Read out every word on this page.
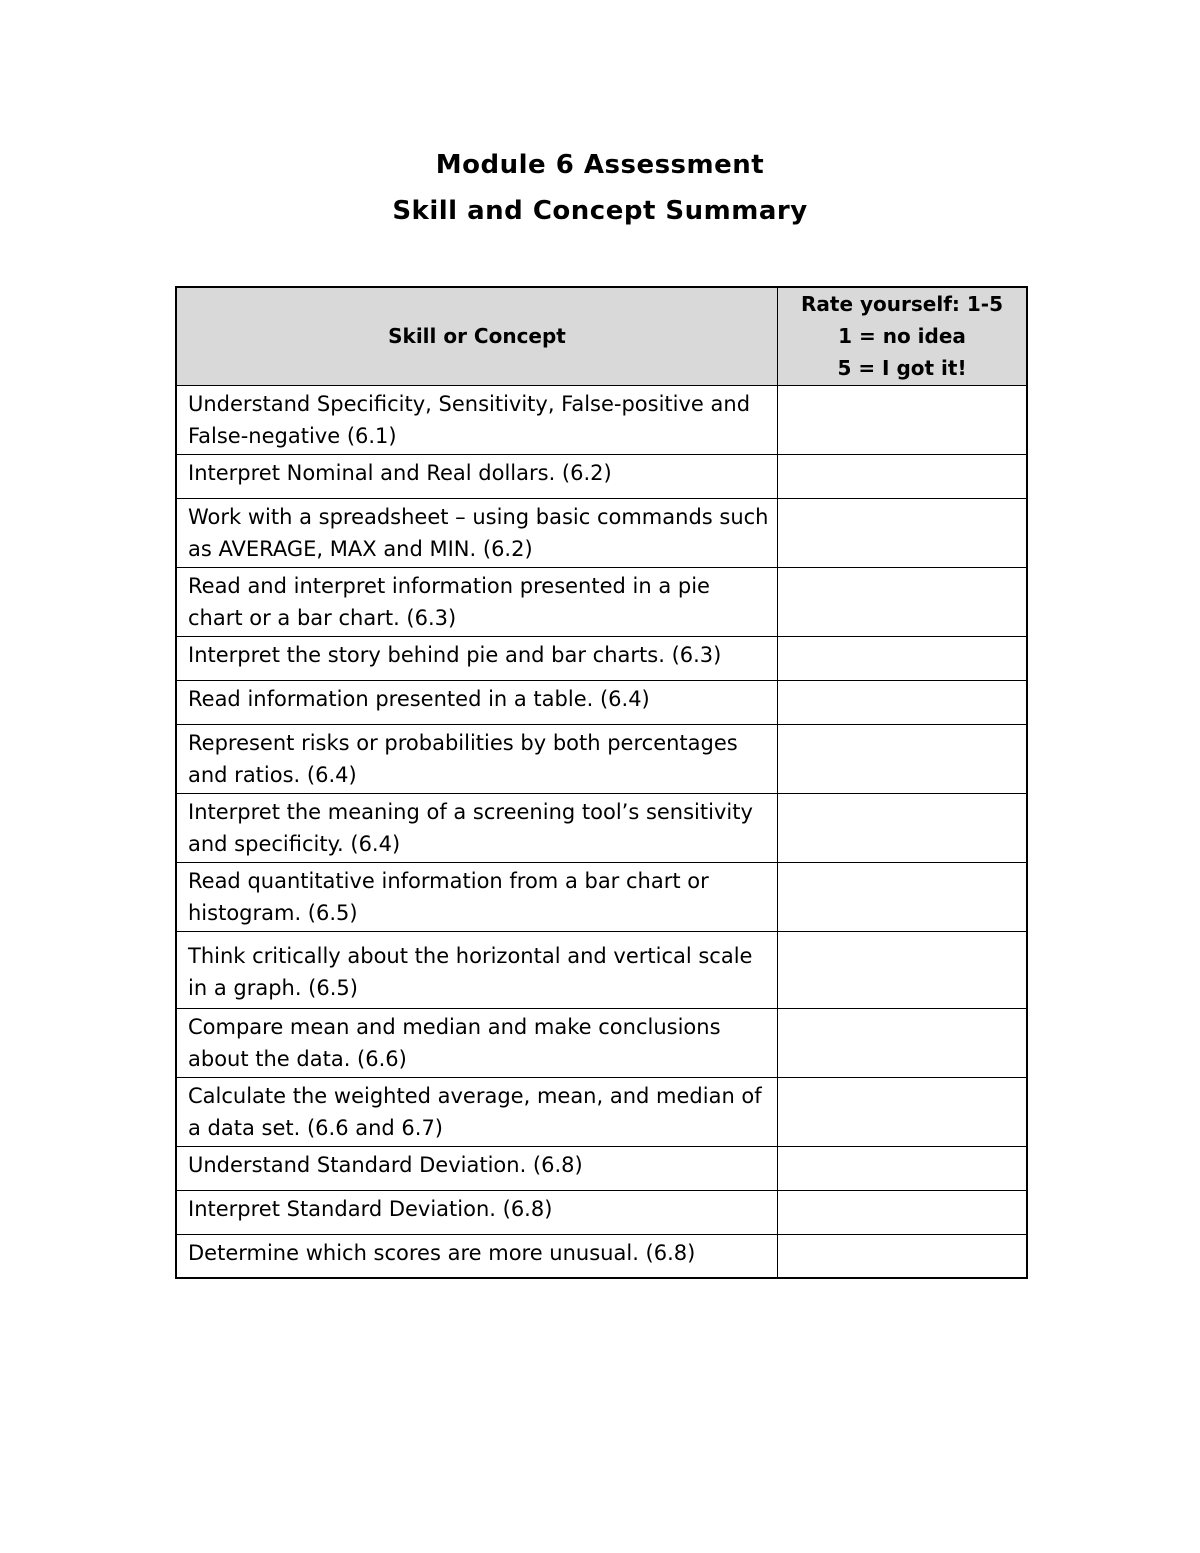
Module 6 Assessment
Skill and Concept Summary
Skill or Concept	Rate yourself: 1-5
1 = no idea
5 = I got it!

Understand Specificity, Sensitivity, False-positive and False-negative (6.1)	
Interpret Nominal and Real dollars. (6.2)	
Work with a spreadsheet – using basic commands such as AVERAGE, MAX and MIN. (6.2)	
Read and interpret information presented in a pie chart or a bar chart. (6.3)	
Interpret the story behind pie and bar charts. (6.3)	
Read information presented in a table. (6.4)	
Represent risks or probabilities by both percentages and ratios. (6.4)	
Interpret the meaning of a screening tool’s sensitivity and specificity. (6.4)	
Read quantitative information from a bar chart or histogram. (6.5)	
Think critically about the horizontal and vertical scale in a graph. (6.5)	
Compare mean and median and make conclusions about the data. (6.6)	
Calculate the weighted average, mean, and median of a data set. (6.6 and 6.7)	
Understand Standard Deviation. (6.8)	
Interpret Standard Deviation. (6.8)	
Determine which scores are more unusual. (6.8)	
